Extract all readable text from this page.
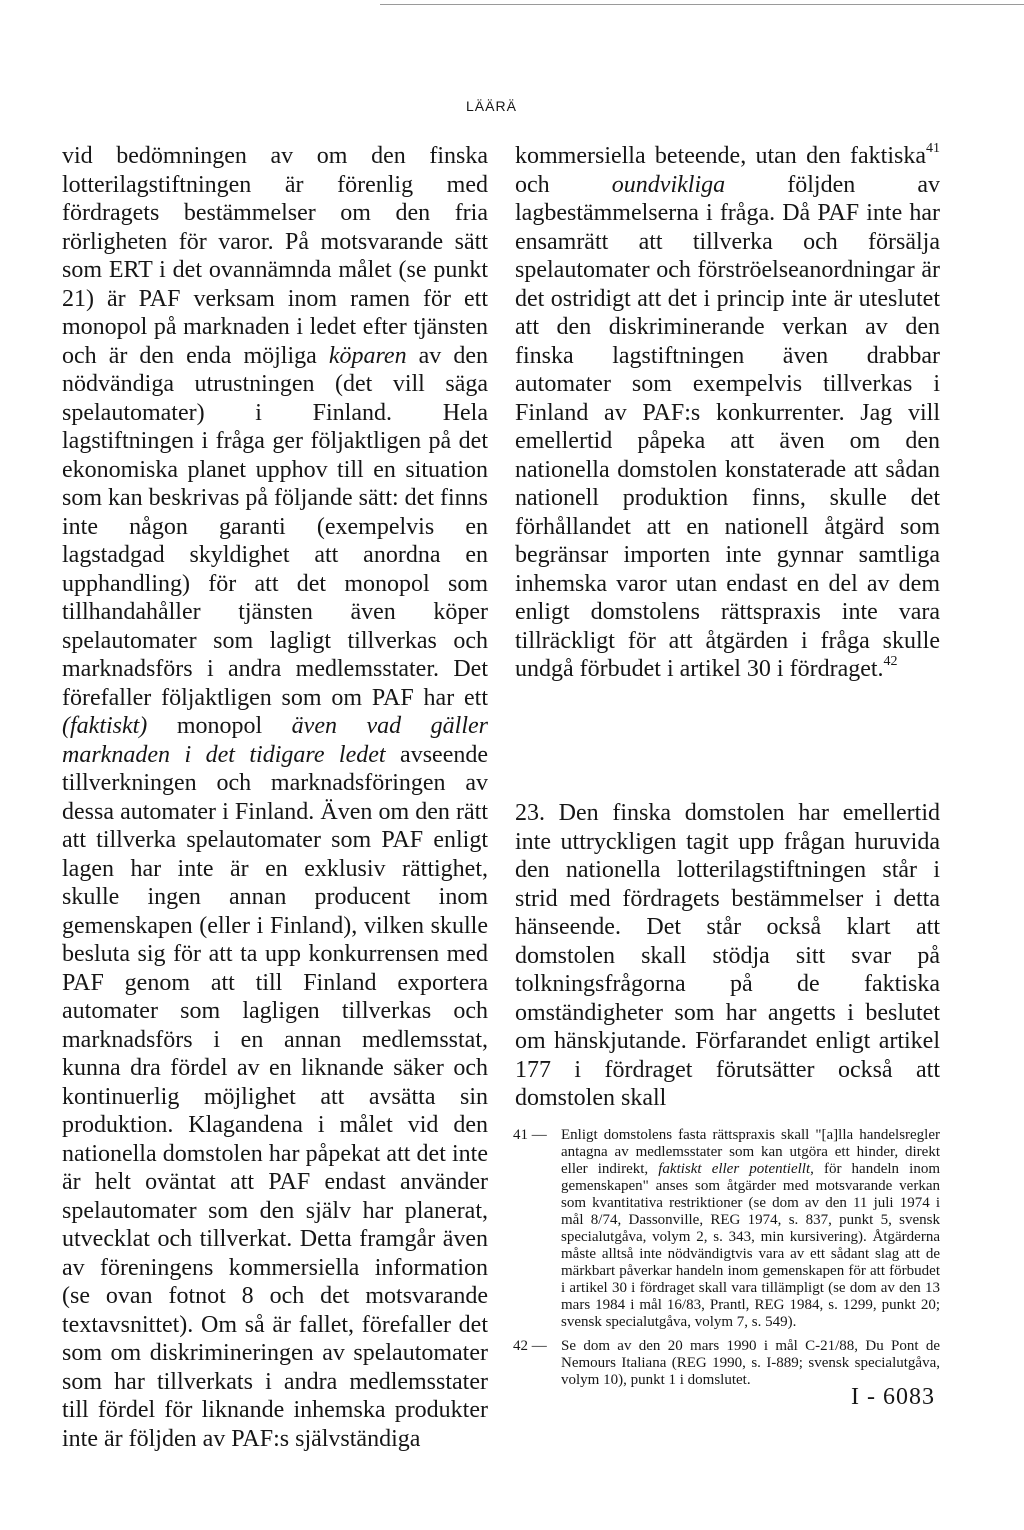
LÄÄRÄ

vid bedömningen av om den finska lotterilagstiftningen är förenlig med fördragets bestämmelser om den fria rörligheten för varor. På motsvarande sätt som ERT i det ovannämnda målet (se punkt 21) är PAF verksam inom ramen för ett monopol på marknaden i ledet efter tjänsten och är den enda möjliga köparen av den nödvändiga utrustningen (det vill säga spelautomater) i Finland. Hela lagstiftningen i fråga ger följaktligen på det ekonomiska planet upphov till en situation som kan beskrivas på följande sätt: det finns inte någon garanti (exempelvis en lagstadgad skyldighet att anordna en upphandling) för att det monopol som tillhandahåller tjänsten även köper spelautomater som lagligt tillverkas och marknadsförs i andra medlemsstater. Det förefaller följaktligen som om PAF har ett (faktiskt) monopol även vad gäller marknaden i det tidigare ledet avseende tillverkningen och marknadsföringen av dessa automater i Finland. Även om den rätt att tillverka spelautomater som PAF enligt lagen har inte är en exklusiv rättighet, skulle ingen annan producent inom gemenskapen (eller i Finland), vilken skulle besluta sig för att ta upp konkurrensen med PAF genom att till Finland exportera automater som lagligen tillverkas och marknadsförs i en annan medlemsstat, kunna dra fördel av en liknande säker och kontinuerlig möjlighet att avsätta sin produktion. Klagandena i målet vid den nationella domstolen har påpekat att det inte är helt oväntat att PAF endast använder spelautomater som den själv har planerat, utvecklat och tillverkat. Detta framgår även av föreningens kommersiella information (se ovan fotnot 8 och det motsvarande textavsnittet). Om så är fallet, förefaller det som om diskrimineringen av spelautomater som har tillverkats i andra medlemsstater till fördel för liknande inhemska produkter inte är följden av PAF:s självständiga

kommersiella beteende, utan den faktiska$^{41}$ och oundvikliga följden av lagbestämmelserna i fråga. Då PAF inte har ensamrätt att tillverka och försälja spelautomater och förströelseanordningar är det ostridigt att det i princip inte är uteslutet att den diskriminerande verkan av den finska lagstiftningen även drabbar automater som exempelvis tillverkas i Finland av PAF:s konkurrenter. Jag vill emellertid påpeka att även om den nationella domstolen konstaterade att sådan nationell produktion finns, skulle det förhållandet att en nationell åtgärd som begränsar importen inte gynnar samtliga inhemska varor utan endast en del av dem enligt domstolens rättspraxis inte vara tillräckligt för att åtgärden i fråga skulle undgå förbudet i artikel 30 i fördraget.$^{42}$

23. Den finska domstolen har emellertid inte uttryckligen tagit upp frågan huruvida den nationella lotterilagstiftningen står i strid med fördragets bestämmelser i detta hänseende. Det står också klart att domstolen skall stödja sitt svar på tolkningsfrågorna på de faktiska omständigheter som har angetts i beslutet om hänskjutande. Förfarandet enligt artikel 177 i fördraget förutsätter också att domstolen skall

41 — Enligt domstolens fasta rättspraxis skall "[a]lla handelsregler antagna av medlemsstater som kan utgöra ett hinder, direkt eller indirekt, faktiskt eller potentiellt, för handeln inom gemenskapen" anses som åtgärder med motsvarande verkan som kvantitativa restriktioner (se dom av den 11 juli 1974 i mål 8/74, Dassonville, REG 1974, s. 837, punkt 5, svensk specialutgåva, volym 2, s. 343, min kursivering). Åtgärderna måste alltså inte nödvändigtvis vara av ett sådant slag att de märkbart påverkar handeln inom gemenskapen för att förbudet i artikel 30 i fördraget skall vara tillämpligt (se dom av den 13 mars 1984 i mål 16/83, Prantl, REG 1984, s. 1299, punkt 20; svensk specialutgåva, volym 7, s. 549).
42 — Se dom av den 20 mars 1990 i mål C-21/88, Du Pont de Nemours Italiana (REG 1990, s. I-889; svensk specialutgåva, volym 10), punkt 1 i domslutet.
I - 6083
